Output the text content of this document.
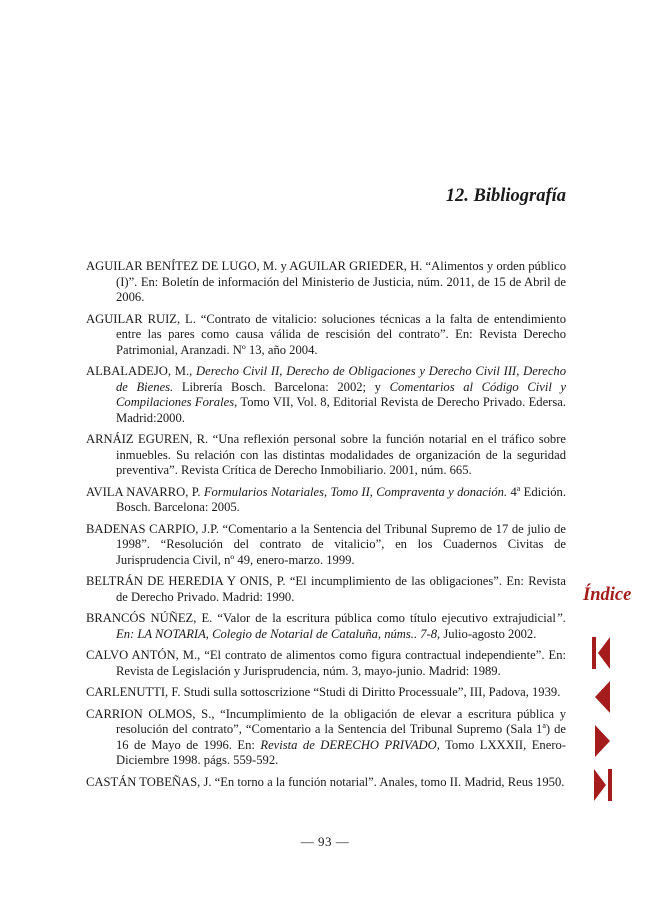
12. Bibliografía
AGUILAR BENÍTEZ DE LUGO, M. y AGUILAR GRIEDER, H. “Alimentos y orden público (I)”. En: Boletín de información del Ministerio de Justicia, núm. 2011, de 15 de Abril de 2006.
AGUILAR RUIZ, L. “Contrato de vitalicio: soluciones técnicas a la falta de entendimiento entre las pares como causa válida de rescisión del contrato”. En: Revista Derecho Patrimonial, Aranzadi. Nº 13, año 2004.
ALBALADEJO, M., Derecho Civil II, Derecho de Obligaciones y Derecho Civil III, Derecho de Bienes. Librería Bosch. Barcelona: 2002; y Comentarios al Código Civil y Compilaciones Forales, Tomo VII, Vol. 8, Editorial Revista de Derecho Privado. Edersa. Madrid:2000.
ARNÁIZ EGUREN, R. “Una reflexión personal sobre la función notarial en el tráfico sobre inmuebles. Su relación con las distintas modalidades de organización de la seguridad preventiva”. Revista Crítica de Derecho Inmobiliario. 2001, núm. 665.
AVILA NAVARRO, P. Formularios Notariales, Tomo II, Compraventa y donación. 4$^a$ Edición. Bosch. Barcelona: 2005.
BADENAS CARPIO, J.P. “Comentario a la Sentencia del Tribunal Supremo de 17 de julio de 1998”. “Resolución del contrato de vitalicio”, en los Cuadernos Civitas de Jurisprudencia Civil, nº 49, enero-marzo. 1999.
BELTRÁN DE HEREDIA Y ONIS, P. “El incumplimiento de las obligaciones”. En: Revista de Derecho Privado. Madrid: 1990.
BRANCÓS NÚÑEZ, E. “Valor de la escritura pública como título ejecutivo extrajudicial”. En: LA NOTARIA, Colegio de Notarial de Cataluña, núms.. 7-8, Julio-agosto 2002.
CALVO ANTÓN, M., “El contrato de alimentos como figura contractual independiente”. En: Revista de Legislación y Jurisprudencia, núm. 3, mayo-junio. Madrid: 1989.
CARLENUTTI, F. Studi sulla sottoscrizione “Studi di Diritto Processuale”, III, Padova, 1939.
CARRION OLMOS, S., “Incumplimiento de la obligación de elevar a escritura pública y resolución del contrato”, “Comentario a la Sentencia del Tribunal Supremo (Sala 1$^a$) de 16 de Mayo de 1996. En: Revista de DERECHO PRIVADO, Tomo LXXXII, Enero-Diciembre 1998. págs. 559-592.
CASTÁN TOBEÑAS, J. “En torno a la función notarial”. Anales, tomo II. Madrid, Reus 1950.
Índice
— 93 —
